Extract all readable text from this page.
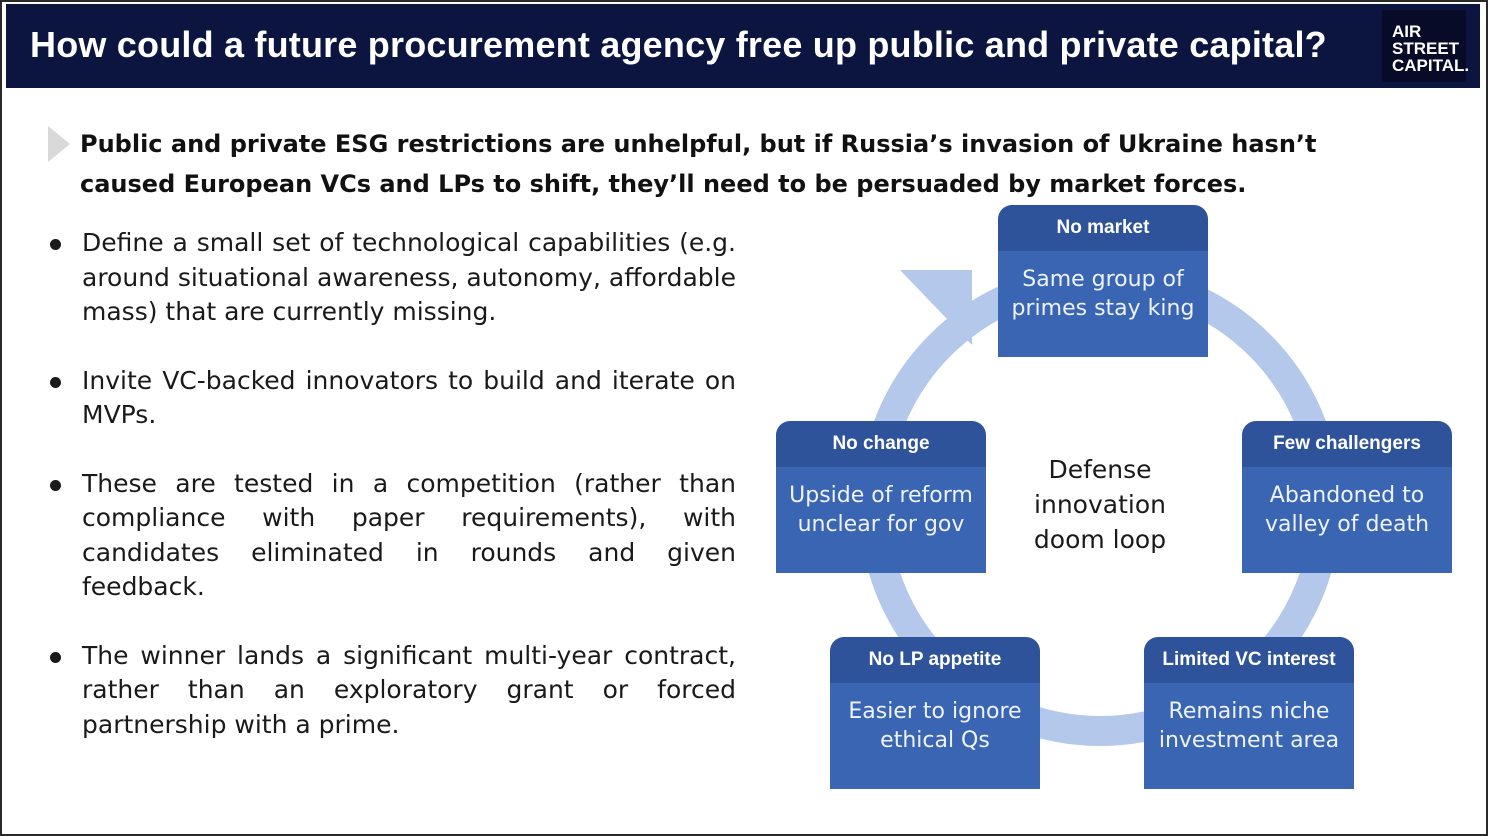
How could a future procurement agency free up public and private capital?	AIR
STREET
CAPITAL.
Public and private ESG restrictions are unhelpful, but if Russia’s invasion of Ukraine hasn’t caused European VCs and LPs to shift, they’ll need to be persuaded by market forces.
Define a small set of technological capabilities (e.g. around situational awareness, autonomy, affordable mass) that are currently missing.
Invite VC-backed innovators to build and iterate on MVPs.
These are tested in a competition (rather than compliance with paper requirements), with candidates eliminated in rounds and given feedback.
The winner lands a significant multi-year contract, rather than an exploratory grant or forced partnership with a prime.
No market
Same group of
primes stay king
Few challengers
Abandoned to
valley of death
Limited VC interest
Remains niche
investment area
No LP appetite
Easier to ignore
ethical Qs
No change
Upside of reform
unclear for gov
Defense
innovation
doom loop
